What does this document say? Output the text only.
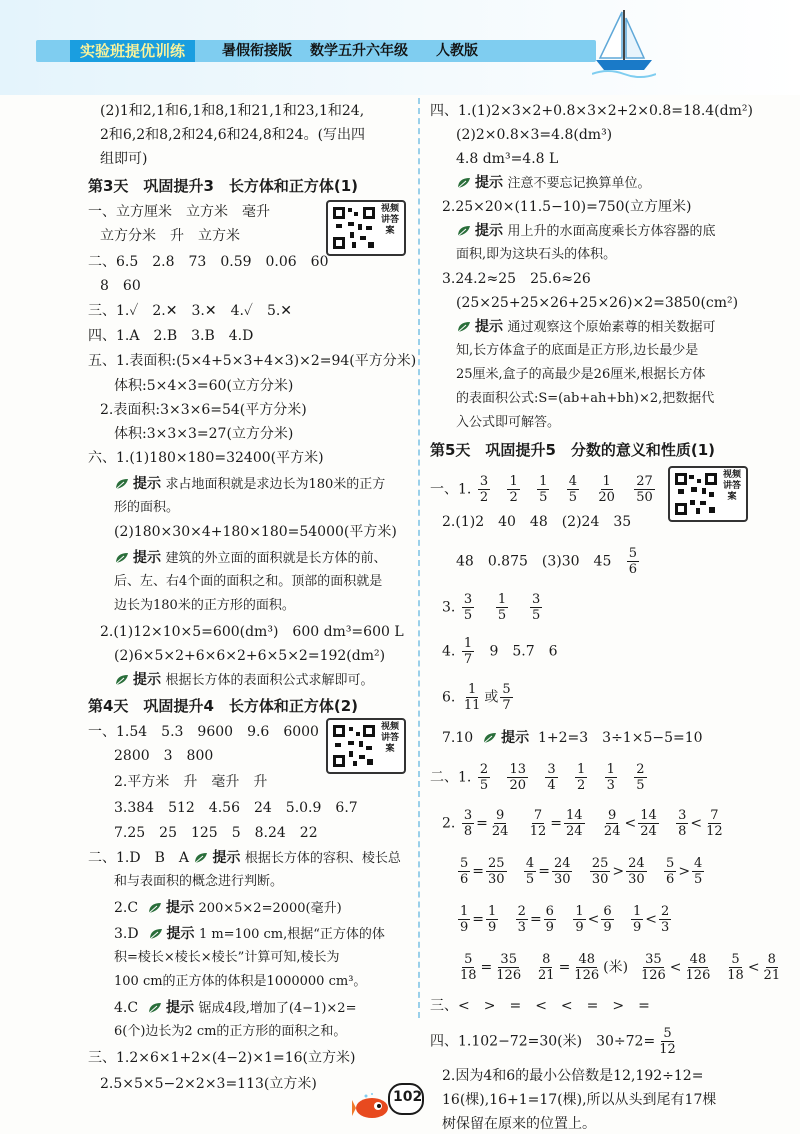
实验班提优训练	暑假衔接版 数学五升六年级 人教版
(2)1和2,1和6,1和8,1和21,1和23,1和24,
2和6,2和8,2和24,6和24,8和24。(写出四
组即可)
第3天　巩固提升3　长方体和正方体(1)
视频讲答案
一、立方厘米　立方米　毫升
立方分米　升　立方米
二、6.5　2.8　73　0.59　0.06　60
8　60
三、1.✓　2.✕　3.✕　4.✓　5.✕
四、1.A　2.B　3.B　4.D
五、1.表面积:(5×4+5×3+4×3)×2=94(平方分米)
体积:5×4×3=60(立方分米)
2.表面积:3×3×6=54(平方分米)
体积:3×3×3=27(立方分米)
六、1.(1)180×180=32400(平方米)
提示 求占地面积就是求边长为180米的正方
形的面积。
(2)180×30×4+180×180=54000(平方米)
提示 建筑的外立面的面积就是长方体的前、
后、左、右4个面的面积之和。顶部的面积就是
边长为180米的正方形的面积。
2.(1)12×10×5=600(dm³)　600 dm³=600 L
(2)6×5×2+6×6×2+6×5×2=192(dm²)
提示 根据长方体的表面积公式求解即可。
第4天　巩固提升4　长方体和正方体(2)
视频讲答案
一、1.54　5.3　9600　9.6　6000
2800　3　800
2.平方米　升　毫升　升
3.384　512　4.56　24　5.0.9　6.7
7.25　25　125　5　8.24　22
二、1.D　B　A 提示 根据长方体的容积、棱长总
和与表面积的概念进行判断。
2.C 提示 200×5×2=2000(毫升)
3.D 提示 1 m=100 cm,根据“正方体的体
积=棱长×棱长×棱长”计算可知,棱长为
100 cm的正方体的体积是1000000 cm³。
4.C 提示 锯成4段,增加了(4−1)×2=
6(个)边长为2 cm的正方形的面积之和。
三、1.2×6×1+2×(4−2)×1=16(立方米)
2.5×5×5−2×2×3=113(立方米)
四、1.(1)2×3×2+0.8×3×2+2×0.8=18.4(dm²)
(2)2×0.8×3=4.8(dm³)
4.8 dm³=4.8 L
提示 注意不要忘记换算单位。
2.25×20×(11.5−10)=750(立方厘米)
提示 用上升的水面高度乘长方体容器的底
面积,即为这块石头的体积。
3.24.2≈25　25.6≈26
(25×25+25×26+25×26)×2=3850(cm²)
提示 通过观察这个原始素尊的相关数据可
知,长方体盒子的底面是正方形,边长最少是
25厘米,盒子的高最少是26厘米,根据长方体
的表面积公式:S=(ab+ah+bh)×2,把数据代
入公式即可解答。
第5天　巩固提升5　分数的意义和性质(1)
视频讲答案
一、1. $\frac{3}{2}$
$\frac{1}{2}$
$\frac{1}{5}$
$\frac{4}{5}$
$\frac{1}{20}$
$\frac{27}{50}$
2.(1)2　40　48　(2)24　35
48　0.875　(3)30　$45 \frac{5}{6}$
3. $\frac{3}{5}$
$\frac{1}{5}$
$\frac{3}{5}$
4. $\frac{1}{7} 9$　5.7　6
6. $\frac{1}{11}$ 或 $\frac{5}{7}$
7.10 提示 1+2=3　3÷1×5−5=10
二、1. $\frac{2}{5}$
$\frac{13}{20}$
$\frac{3}{4}$
$\frac{1}{2}$
$\frac{1}{3}$
$\frac{2}{5}$
2. $\frac{3}{8} = \frac{9}{24}$
$\frac{7}{12} = \frac{14}{24}$
$\frac{9}{24} < \frac{14}{24}$
$\frac{3}{8} < \frac{7}{12}$
$\frac{5}{6} = \frac{25}{30}$
$\frac{4}{5} = \frac{24}{30}$
$\frac{25}{30} > \frac{24}{30}$
$\frac{5}{6} > \frac{4}{5}$
$\frac{1}{9} = \frac{1}{9}$
$\frac{2}{3} = \frac{6}{9}$
$\frac{1}{9} < \frac{6}{9}$
$\frac{1}{9} < \frac{2}{3}$
$\frac{5}{18} = \frac{35}{126}$
$\frac{8}{21} = \frac{48}{126}$ (米) $\frac{35}{126} < \frac{48}{126}$
$\frac{5}{18} < \frac{8}{21}$
三、<　>　=　<　<　=　>　=
四、1.102−72=30(米)　$30\div 72= \frac{5}{12}$
2.因为4和6的最小公倍数是12,192÷12=
16(棵),16+1=17(棵),所以从头到尾有17棵
树保留在原来的位置上。
102
